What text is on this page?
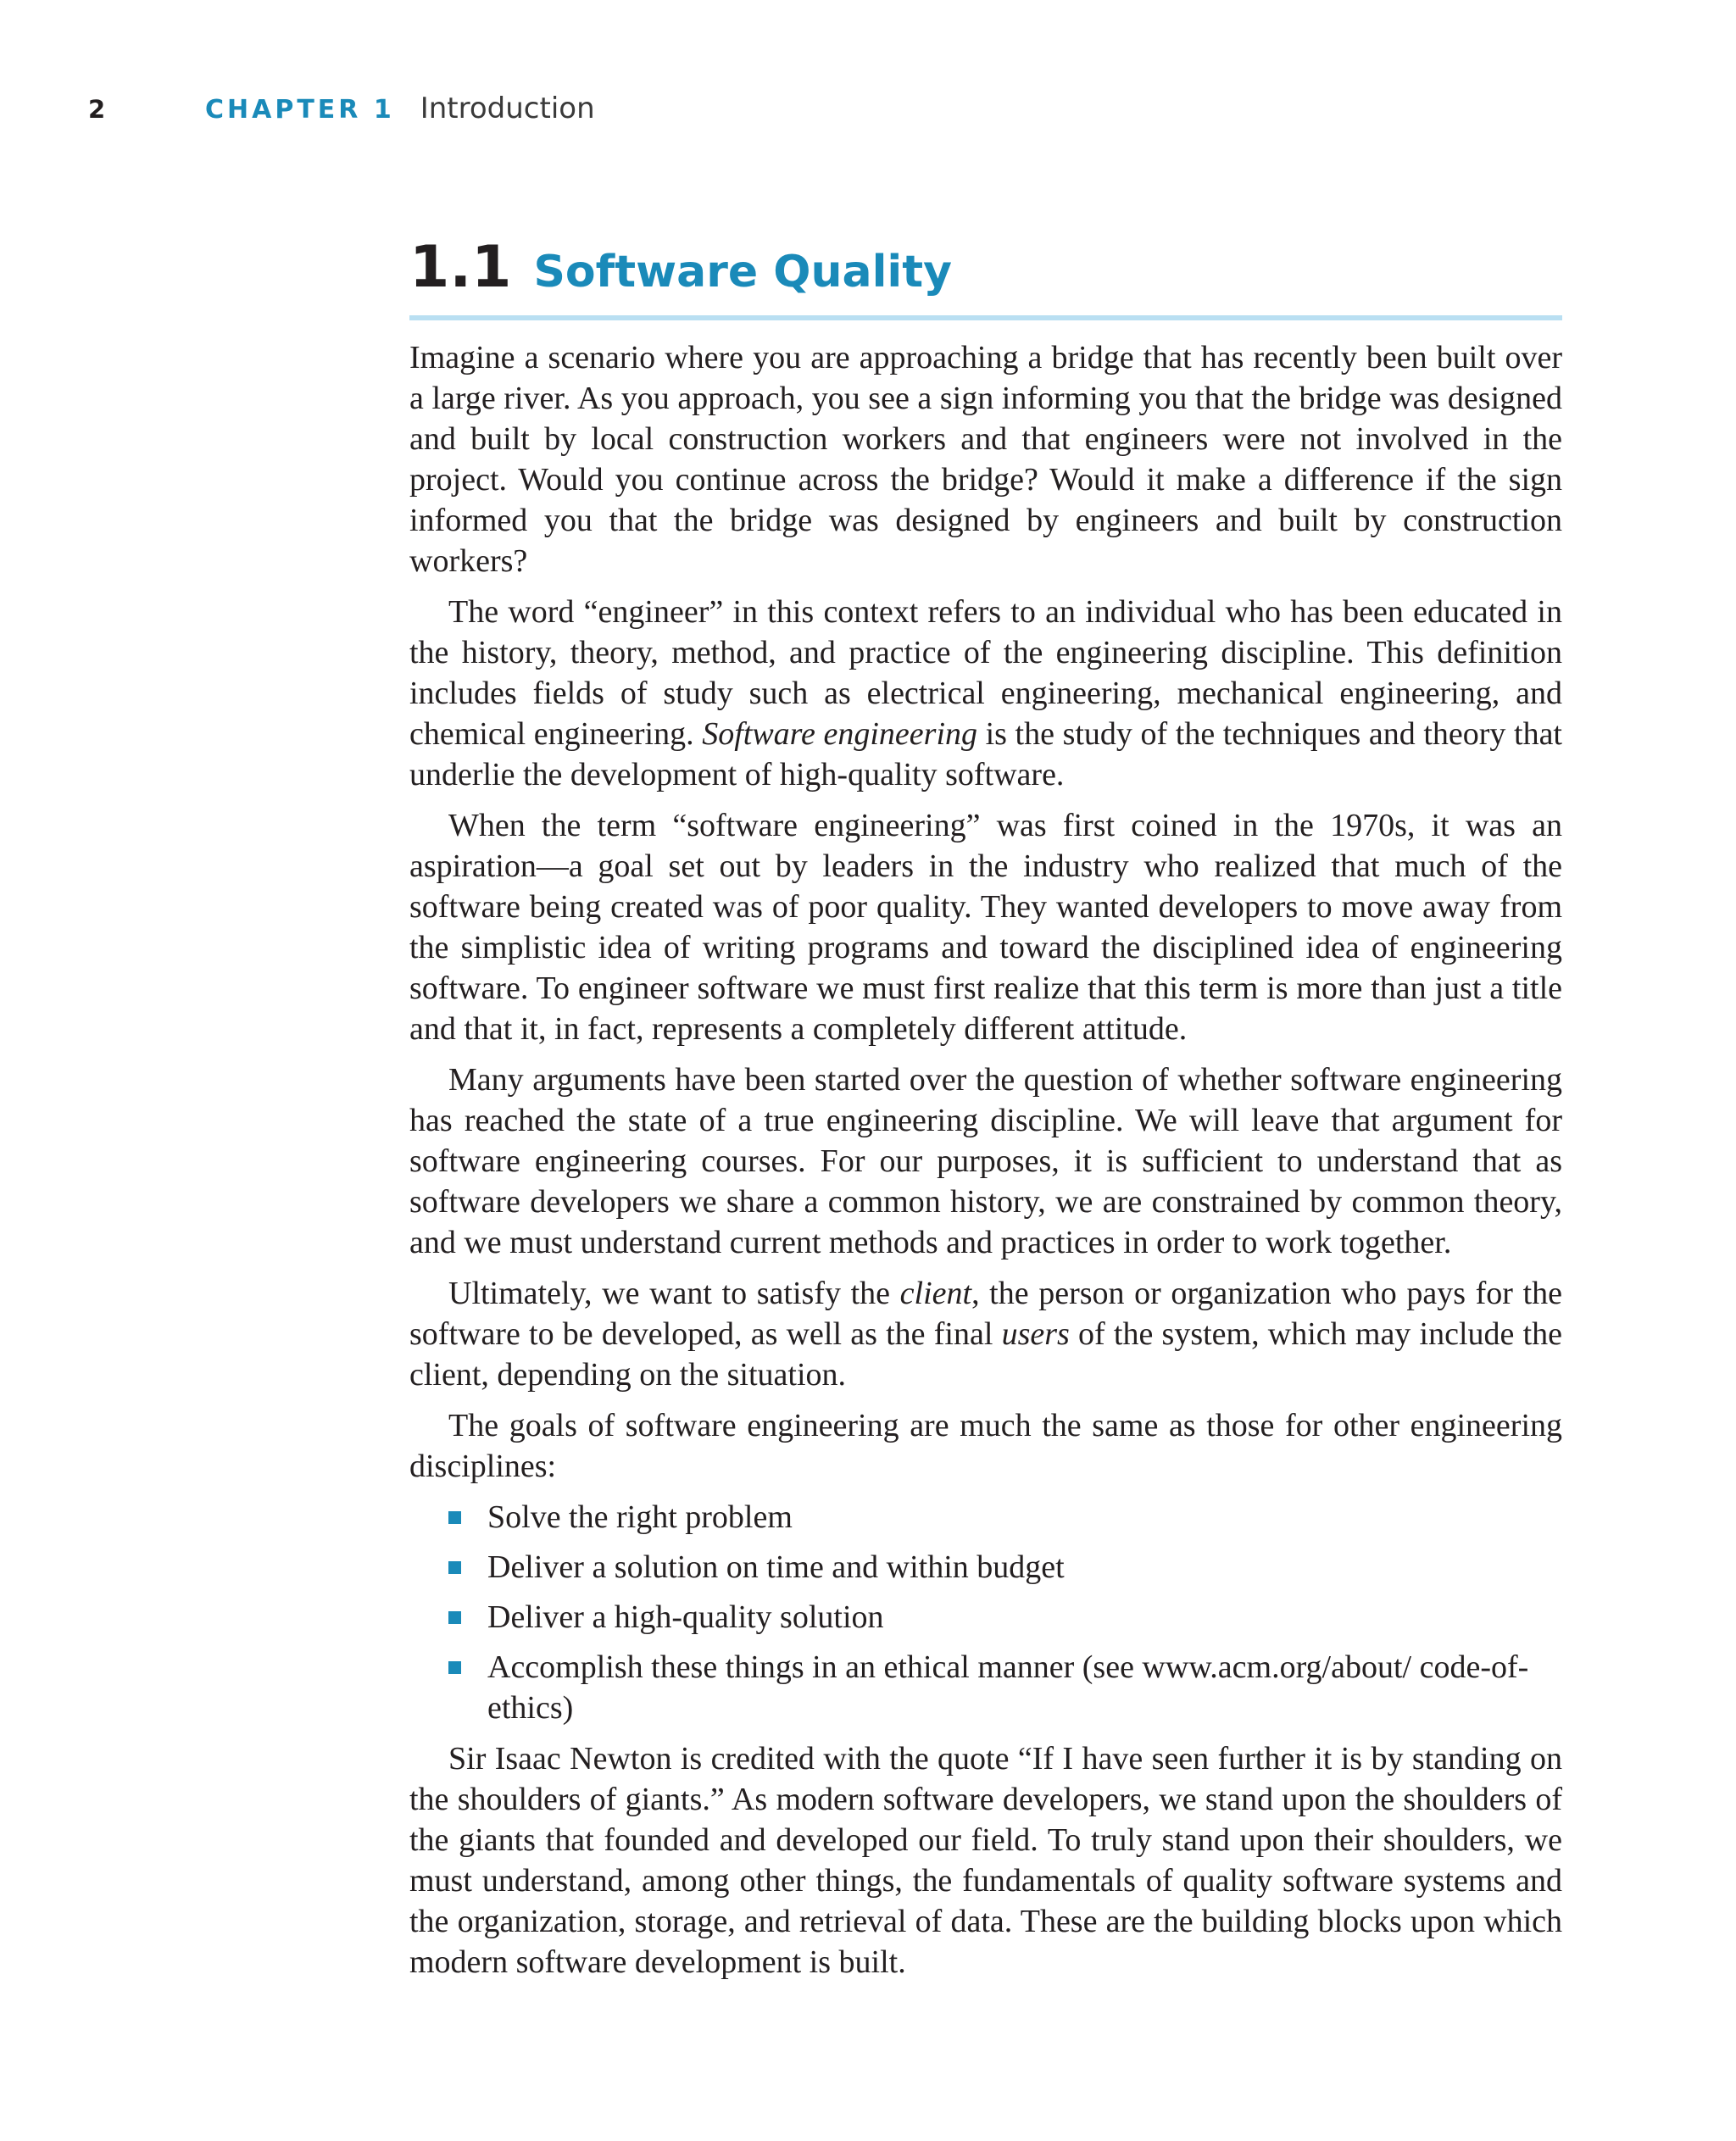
2	CHAPTER 1 Introduction
1.1 Software Quality

Imagine a scenario where you are approaching a bridge that has recently been built over a large river. As you approach, you see a sign informing you that the bridge was designed and built by local construction workers and that engineers were not involved in the project. Would you continue across the bridge? Would it make a difference if the sign informed you that the bridge was designed by engineers and built by construction workers?

The word “engineer” in this context refers to an individual who has been educated in the history, theory, method, and practice of the engineering discipline. This definition includes fields of study such as electrical engineering, mechanical engineering, and chemical engineering. Software engineering is the study of the techniques and theory that underlie the development of high-quality software.

When the term “software engineering” was first coined in the 1970s, it was an aspiration—a goal set out by leaders in the industry who realized that much of the software being created was of poor quality. They wanted developers to move away from the simplistic idea of writing programs and toward the disciplined idea of engineering software. To engineer software we must first realize that this term is more than just a title and that it, in fact, represents a completely different attitude.

Many arguments have been started over the question of whether software engineering has reached the state of a true engineering discipline. We will leave that argument for software engineering courses. For our purposes, it is sufficient to understand that as software developers we share a common history, we are constrained by common theory, and we must understand current methods and practices in order to work together.

Ultimately, we want to satisfy the client, the person or organization who pays for the software to be developed, as well as the final users of the system, which may include the client, depending on the situation.

The goals of software engineering are much the same as those for other engineering disciplines:

Solve the right problem
Deliver a solution on time and within budget
Deliver a high-quality solution
Accomplish these things in an ethical manner (see www.acm.org/about/ code-of-ethics)

Sir Isaac Newton is credited with the quote “If I have seen further it is by standing on the shoulders of giants.” As modern software developers, we stand upon the shoulders of the giants that founded and developed our field. To truly stand upon their shoulders, we must understand, among other things, the fundamentals of quality software systems and the organization, storage, and retrieval of data. These are the building blocks upon which modern software development is built.
